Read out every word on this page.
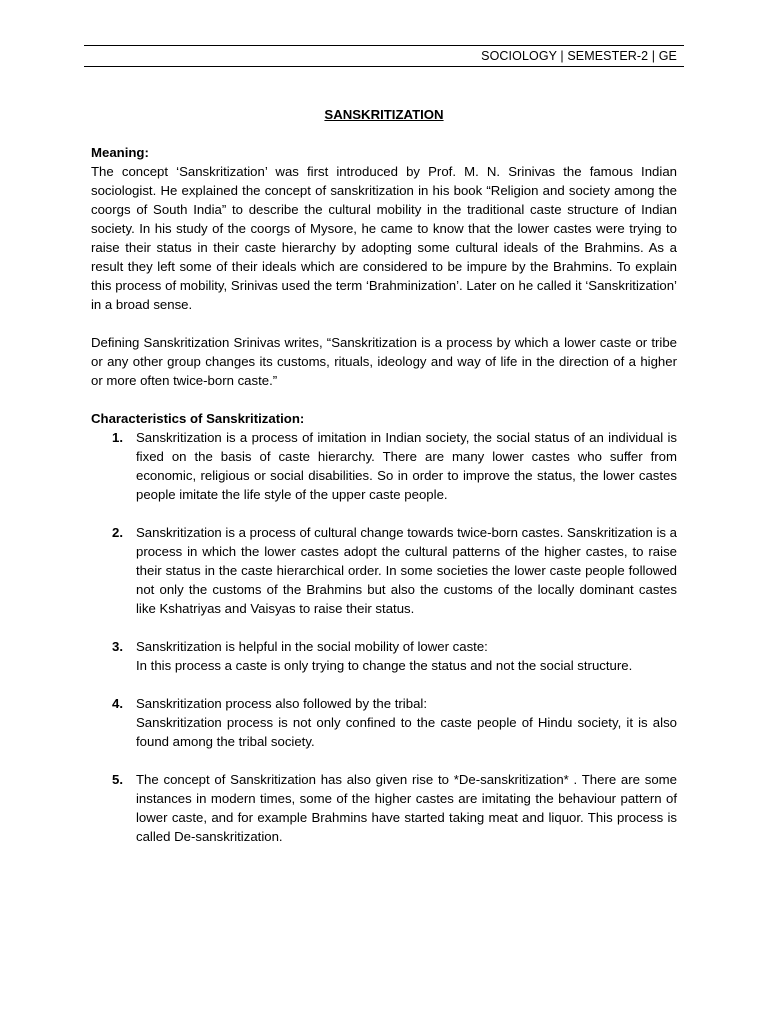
SOCIOLOGY | SEMESTER-2 | GE

SANSKRITIZATION

Meaning:

The concept ‘Sanskritization’ was first introduced by Prof. M. N. Srinivas the famous Indian sociologist. He explained the concept of sanskritization in his book “Religion and society among the coorgs of South India” to describe the cultural mobility in the traditional caste structure of Indian society. In his study of the coorgs of Mysore, he came to know that the lower castes were trying to raise their status in their caste hierarchy by adopting some cultural ideals of the Brahmins. As a result they left some of their ideals which are considered to be impure by the Brahmins. To explain this process of mobility, Srinivas used the term ‘Brahminization’. Later on he called it ‘Sanskritization’ in a broad sense.

Defining Sanskritization Srinivas writes, “Sanskritization is a process by which a lower caste or tribe or any other group changes its customs, rituals, ideology and way of life in the direction of a higher or more often twice-born caste.”

Characteristics of Sanskritization:

1. Sanskritization is a process of imitation in Indian society, the social status of an individual is fixed on the basis of caste hierarchy. There are many lower castes who suffer from economic, religious or social disabilities. So in order to improve the status, the lower castes people imitate the life style of the upper caste people.
2. Sanskritization is a process of cultural change towards twice-born castes. Sanskritization is a process in which the lower castes adopt the cultural patterns of the higher castes, to raise their status in the caste hierarchical order. In some societies the lower caste people followed not only the customs of the Brahmins but also the customs of the locally dominant castes like Kshatriyas and Vaisyas to raise their status.
3. Sanskritization is helpful in the social mobility of lower caste:
In this process a caste is only trying to change the status and not the social structure.
4. Sanskritization process also followed by the tribal:
Sanskritization process is not only confined to the caste people of Hindu society, it is also found among the tribal society.
5. The concept of Sanskritization has also given rise to *De-sanskritization* . There are some instances in modern times, some of the higher castes are imitating the behaviour pattern of lower caste, and for example Brahmins have started taking meat and liquor. This process is called De-sanskritization.
